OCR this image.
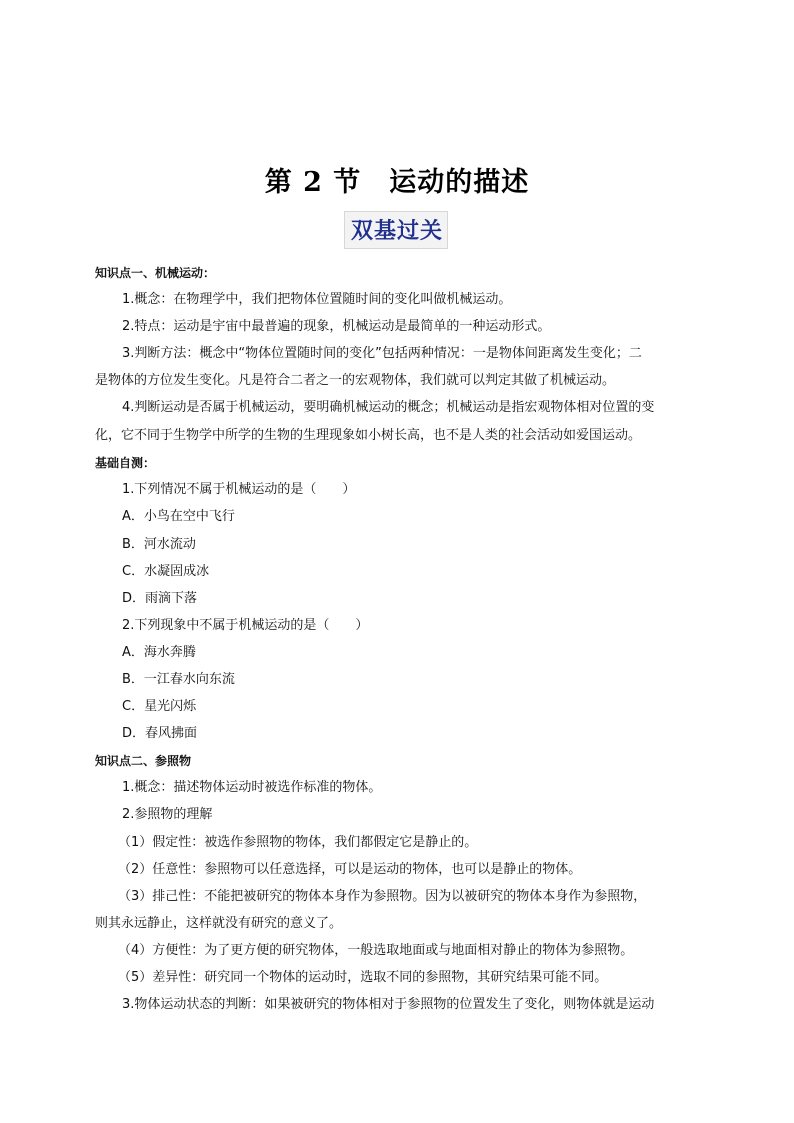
第 2 节　运动的描述
双基过关
知识点一、机械运动：
1.概念：在物理学中，我们把物体位置随时间的变化叫做机械运动。
2.特点：运动是宇宙中最普遍的现象，机械运动是最简单的一种运动形式。
3.判断方法：概念中“物体位置随时间的变化”包括两种情况：一是物体间距离发生变化；二
是物体的方位发生变化。凡是符合二者之一的宏观物体，我们就可以判定其做了机械运动。
4.判断运动是否属于机械运动，要明确机械运动的概念；机械运动是指宏观物体相对位置的变
化，它不同于生物学中所学的生物的生理现象如小树长高，也不是人类的社会活动如爱国运动。
基础自测：
1.下列情况不属于机械运动的是（　　）
A．小鸟在空中飞行
B．河水流动
C．水凝固成冰
D．雨滴下落
2.下列现象中不属于机械运动的是（　　）
A．海水奔腾
B．一江春水向东流
C．星光闪烁
D．春风拂面
知识点二、参照物
1.概念：描述物体运动时被选作标准的物体。
2.参照物的理解
（1）假定性：被选作参照物的物体，我们都假定它是静止的。
（2）任意性：参照物可以任意选择，可以是运动的物体，也可以是静止的物体。
（3）排己性：不能把被研究的物体本身作为参照物。因为以被研究的物体本身作为参照物，
则其永远静止，这样就没有研究的意义了。
（4）方便性：为了更方便的研究物体，一般选取地面或与地面相对静止的物体为参照物。
（5）差异性：研究同一个物体的运动时，选取不同的参照物，其研究结果可能不同。
3.物体运动状态的判断：如果被研究的物体相对于参照物的位置发生了变化，则物体就是运动
